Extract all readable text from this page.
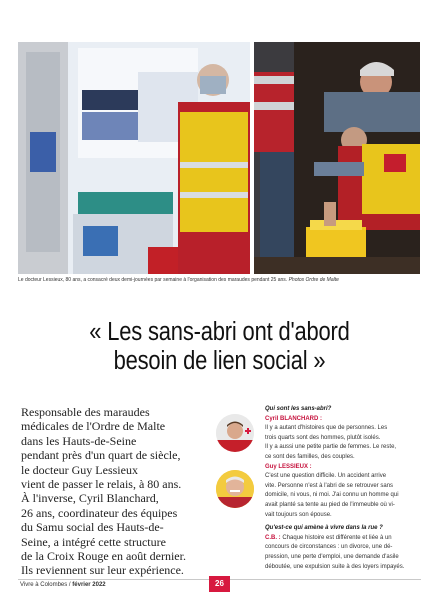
Le docteur Lessieux, 80 ans, a consacré deux demi-journées par semaine à l'organisation des maraudes pendant 25 ans. Photos Ordre de Malte
« Les sans-abri ont d'abord
besoin de lien social »
Responsable des maraudes
médicales de l'Ordre de Malte
dans les Hauts-de-Seine
pendant près d'un quart de siècle,
le docteur Guy Lessieux
vient de passer le relais, à 80 ans.
À l'inverse, Cyril Blanchard,
26 ans, coordinateur des équipes
du Samu social des Hauts-de-
Seine, a intégré cette structure
de la Croix Rouge en août dernier.
Ils reviennent sur leur expérience.
Qui sont les sans-abri?
Cyril BLANCHARD :
Il y a autant d'histoires que de personnes. Les
trois quarts sont des hommes, plutôt isolés.
Il y a aussi une petite partie de femmes. Le reste,
ce sont des familles, des couples.
Guy LESSIEUX :
C'est une question difficile. Un accident arrive
vite. Personne n'est à l'abri de se retrouver sans
domicile, ni vous, ni moi. J'ai connu un homme qui
avait planté sa tente au pied de l'immeuble où vi-
vait toujours son épouse.
Qu'est-ce qui amène à vivre dans la rue ?
C.B. : Chaque histoire est différente et liée à un
concours de circonstances : un divorce, une dé-
pression, une perte d'emploi, une demande d'asile
déboutée, une expulsion suite à des loyers impayés.
Vivre à Colombes / février 2022	26
